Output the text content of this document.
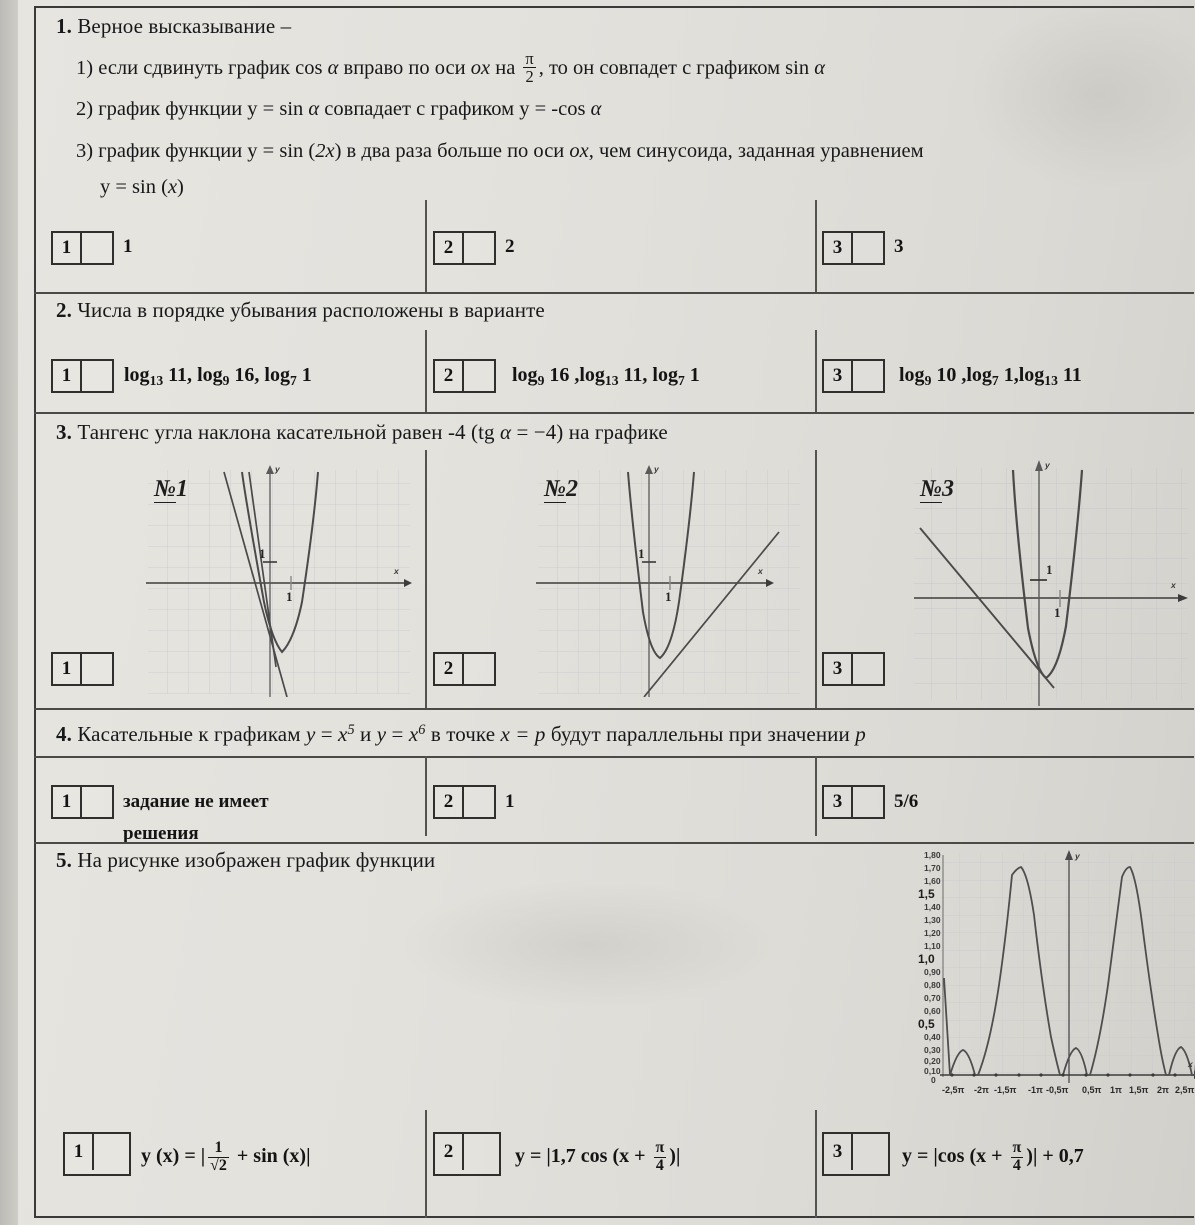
1. Верное высказывание –
1) если сдвинуть график cos α вправо по оси ox на $\frac{\pi}{2}$ , то он совпадет с графиком sin α
2) график функции y = sin α совпадает с графиком y = -cos α
3) график функции y = sin (2x) в два раза больше по оси ox, чем синусоида, заданная уравнением
y = sin (x)
1	1	2	2	3	3
2. Числа в порядке убывания расположены в варианте
1	log13 11, log9 16, log7 1	2	log9 16 ,log13 11, log7 1	3	log9 10 ,log7 1,log13 11
3. Тангенс угла наклона касательной равен -4 (tg α = −4) на графике
№1
1
1
x
y
№2
1
1
x
y
№3
1
1
x
y
1	2	3
4. Касательные к графикам $y = x^5$ и $y = x^6$ в точке x = p будут параллельны при значении p
1	задание не имеет
решения
2	1	3	5/6
5. На рисунке изображен график функции	1,80
1,70
1,60
1,5
1,40
1,30
1,20
1,10
1,0
0,90
0,80
0,70
0,60
0,5
0,40
0,30
0,20
0,10
0
-2,5π -2π -1,5π -1π -0,5π 0,5π 1π 1,5π 2π 2,5π
x
y
1	y (x) = | $\frac{1}{√2} + \sin (x)|$	2	y = |1,7 $\cos (x + \frac{\pi}{4}$ )|	3	y = |cos ($x + \frac{\pi}{4}$ )| + 0,7
